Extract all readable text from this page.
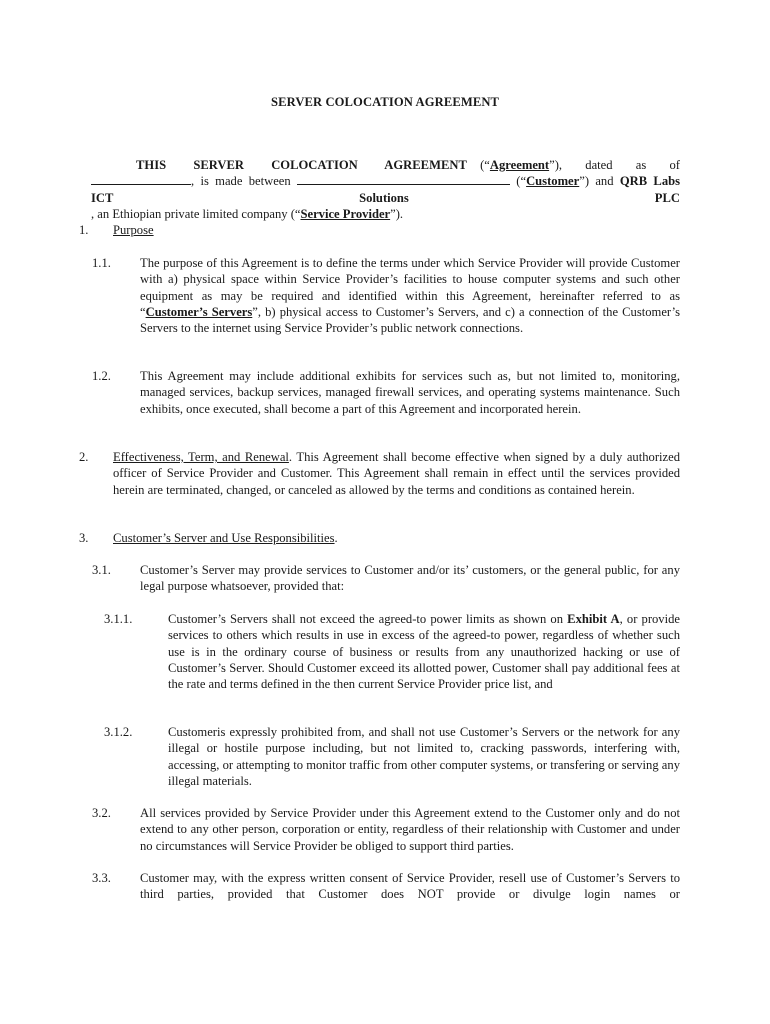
SERVER COLOCATION AGREEMENT
THIS SERVER COLOCATION AGREEMENT (“Agreement”), dated as of
, is made between	(“Customer”) and QRB Labs ICT Solutions PLC
, an Ethiopian private limited company (“Service Provider”).
1. Purpose
1.1. The purpose of this Agreement is to define the terms under which Service Provider will provide Customer with a) physical space within Service Provider’s facilities to house computer systems and such other equipment as may be required and identified within this Agreement, hereinafter referred to as “Customer’s Servers”, b) physical access to Customer’s Servers, and c) a connection of the Customer’s Servers to the internet using Service Provider’s public network connections.
1.2. This Agreement may include additional exhibits for services such as, but not limited to, monitoring, managed services, backup services, managed firewall services, and operating systems maintenance. Such exhibits, once executed, shall become a part of this Agreement and incorporated herein.
2. Effectiveness, Term, and Renewal. This Agreement shall become effective when signed by a duly authorized officer of Service Provider and Customer. This Agreement shall remain in effect until the services provided herein are terminated, changed, or canceled as allowed by the terms and conditions as contained herein.
3. Customer’s Server and Use Responsibilities.
3.1. Customer’s Server may provide services to Customer and/or its’ customers, or the general public, for any legal purpose whatsoever, provided that:
3.1.1.	Customer’s Servers shall not exceed the agreed-to power limits as shown on Exhibit A, or provide services to others which results in use in excess of the agreed-to power, regardless of whether such use is in the ordinary course of business or results from any unauthorized hacking or use of Customer’s Server. Should Customer exceed its allotted power, Customer shall pay additional fees at the rate and terms defined in the then current Service Provider price list, and
3.1.2.	Customeris expressly prohibited from, and shall not use Customer’s Servers or the network for any illegal or hostile purpose including, but not limited to, cracking passwords, interfering with, accessing, or attempting to monitor traffic from other computer systems, or transfering or serving any illegal materials.
3.2. All services provided by Service Provider under this Agreement extend to the Customer only and do not extend to any other person, corporation or entity, regardless of their relationship with Customer and under no circumstances will Service Provider be obliged to support third parties.
3.3. Customer may, with the express written consent of Service Provider, resell use of Customer’s Servers to third parties, provided that Customer does NOT provide or divulge login names or
